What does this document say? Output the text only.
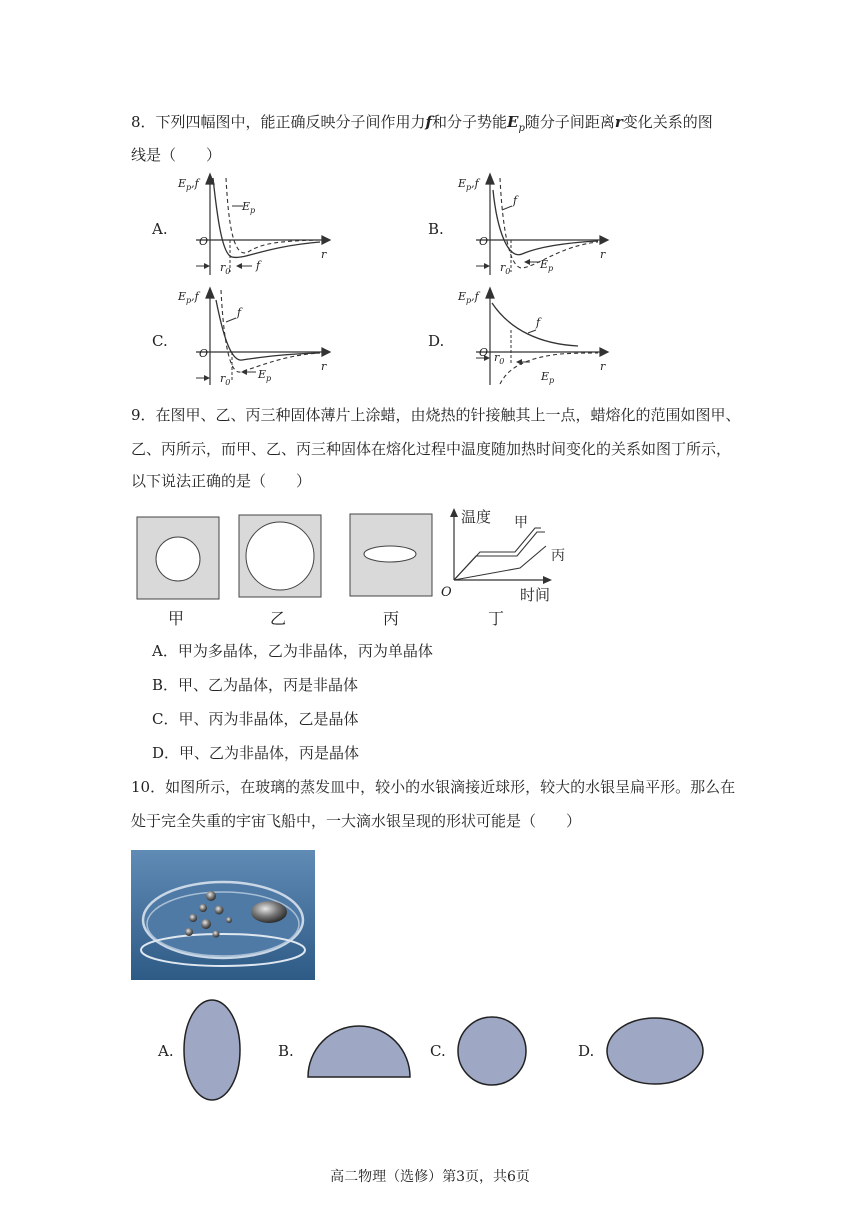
8．下列四幅图中，能正确反映分子间作用力f和分子势能$E_p$随分子间距离r变化关系的图
线是（　　）
A.	B.
C.	D.
$E_p,f$
O
r
$r_0$ f
$E_p$
$E_p,f$
O
r
$r_0$
f
$E_p$
$E_p,f$
O
r
$r_0$
f
$E_p$
$E_p,f$
O
r
$r_0$
f
$E_p$
9．在图甲、乙、丙三种固体薄片上涂蜡，由烧热的针接触其上一点，蜡熔化的范围如图甲、
乙、丙所示，而甲、乙、丙三种固体在熔化过程中温度随加热时间变化的关系如图丁所示，
以下说法正确的是（　　）
温度
时间
O
甲
丙
甲	乙	丙	丁
A．甲为多晶体，乙为非晶体，丙为单晶体
B．甲、乙为晶体，丙是非晶体
C．甲、丙为非晶体，乙是晶体
D．甲、乙为非晶体，丙是晶体
10．如图所示，在玻璃的蒸发皿中，较小的水银滴接近球形，较大的水银呈扁平形。那么在
处于完全失重的宇宙飞船中，一大滴水银呈现的形状可能是（　　）
A.	B.	C.	D.
高二物理（选修）第3页，共6页
